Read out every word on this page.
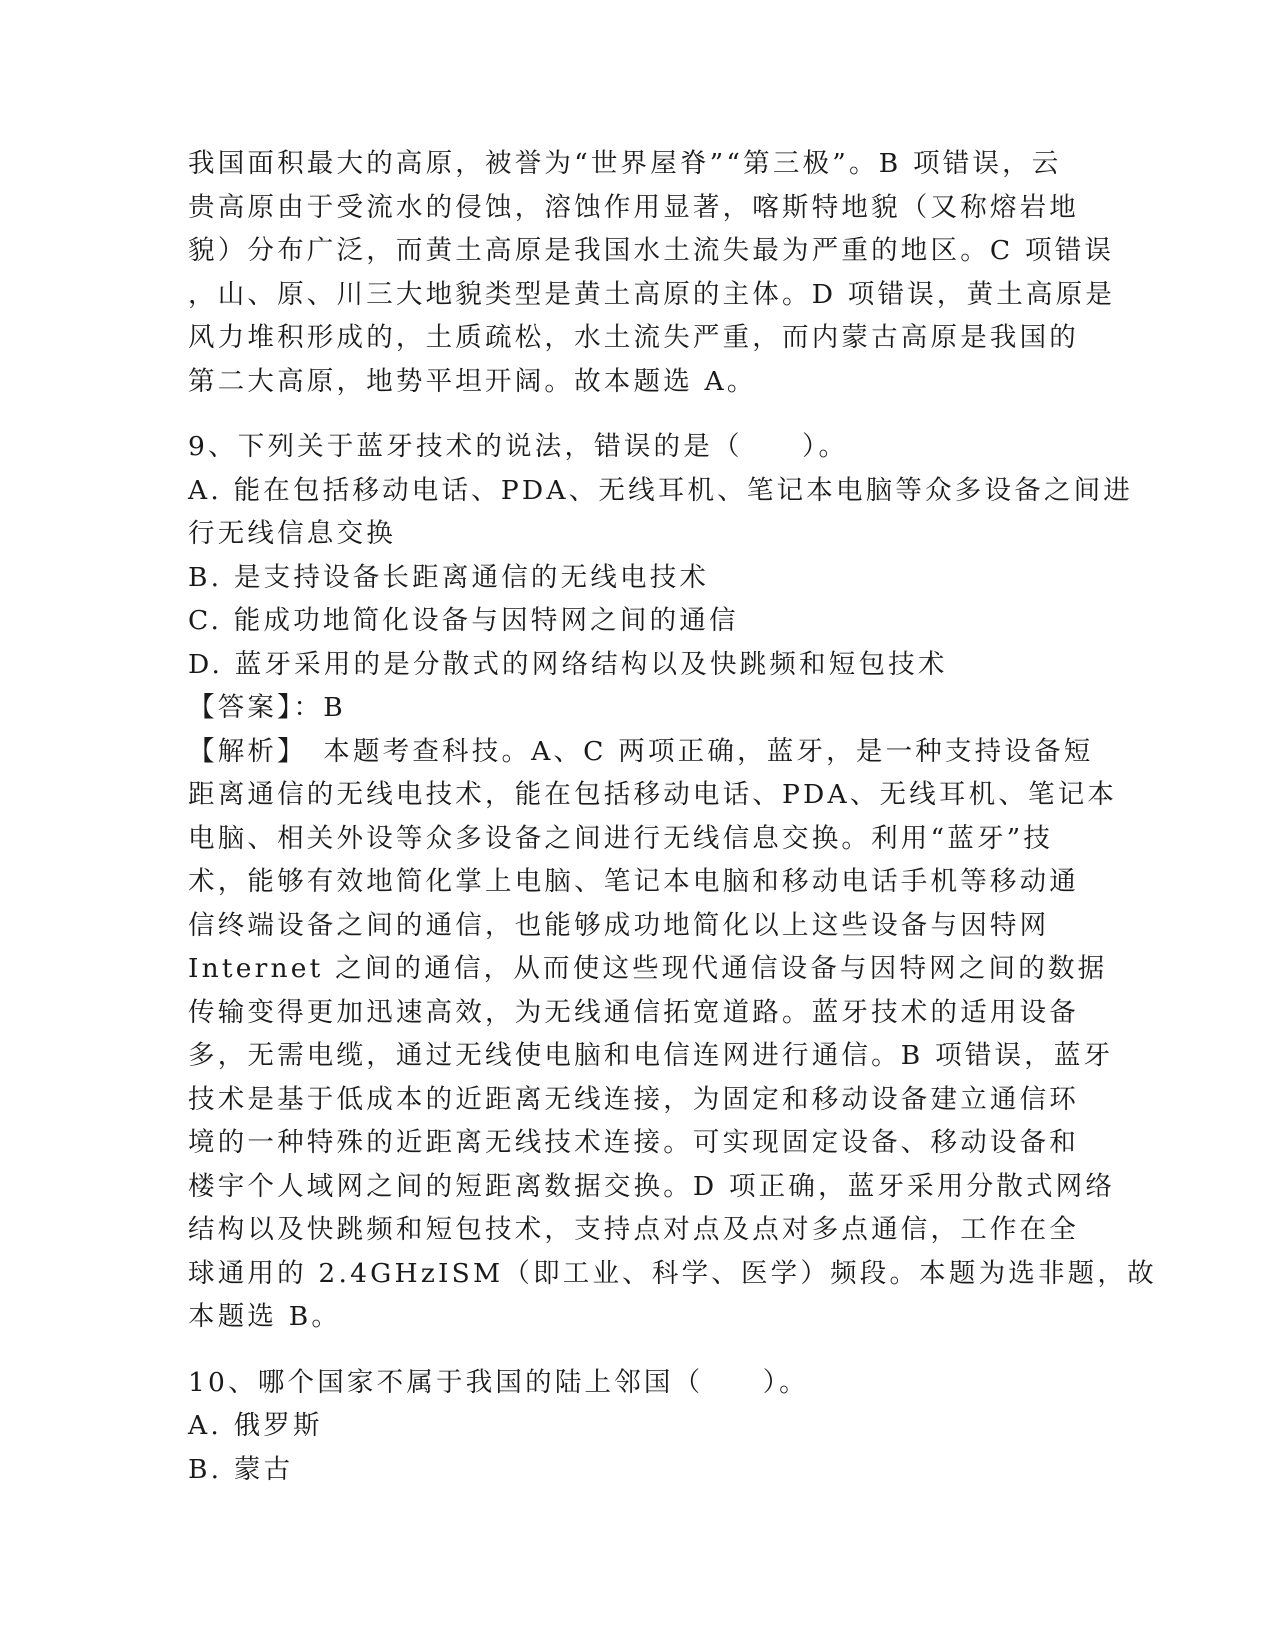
我国面积最大的高原，被誉为“世界屋脊”“第三极”。B 项错误，云
贵高原由于受流水的侵蚀，溶蚀作用显著，喀斯特地貌（又称熔岩地
貌）分布广泛，而黄土高原是我国水土流失最为严重的地区。C 项错误
，山、原、川三大地貌类型是黄土高原的主体。D 项错误，黄土高原是
风力堆积形成的，土质疏松，水土流失严重，而内蒙古高原是我国的
第二大高原，地势平坦开阔。故本题选 A。
9、下列关于蓝牙技术的说法，错误的是（　　）。
A. 能在包括移动电话、PDA、无线耳机、笔记本电脑等众多设备之间进
行无线信息交换
B. 是支持设备长距离通信的无线电技术
C. 能成功地简化设备与因特网之间的通信
D. 蓝牙采用的是分散式的网络结构以及快跳频和短包技术
【答案】：B
【解析】　本题考查科技。A、C 两项正确，蓝牙，是一种支持设备短
距离通信的无线电技术，能在包括移动电话、PDA、无线耳机、笔记本
电脑、相关外设等众多设备之间进行无线信息交换。利用“蓝牙”技
术，能够有效地简化掌上电脑、笔记本电脑和移动电话手机等移动通
信终端设备之间的通信，也能够成功地简化以上这些设备与因特网
Internet 之间的通信，从而使这些现代通信设备与因特网之间的数据
传输变得更加迅速高效，为无线通信拓宽道路。蓝牙技术的适用设备
多，无需电缆，通过无线使电脑和电信连网进行通信。B 项错误，蓝牙
技术是基于低成本的近距离无线连接，为固定和移动设备建立通信环
境的一种特殊的近距离无线技术连接。可实现固定设备、移动设备和
楼宇个人域网之间的短距离数据交换。D 项正确，蓝牙采用分散式网络
结构以及快跳频和短包技术，支持点对点及点对多点通信，工作在全
球通用的 2.4GHzISM（即工业、科学、医学）频段。本题为选非题，故
本题选 B。
10、哪个国家不属于我国的陆上邻国（　　）。
A. 俄罗斯
B. 蒙古
